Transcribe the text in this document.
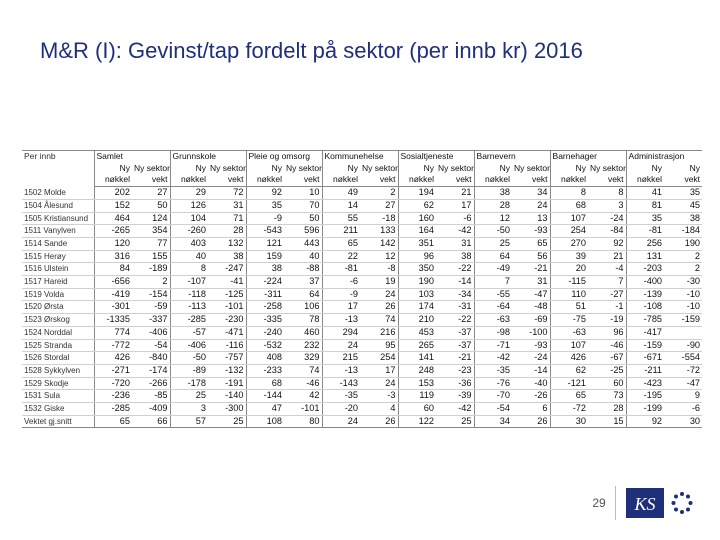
M&R (I): Gevinst/tap fordelt på sektor (per innb kr) 2016
Per innb	Samlet		Grunnskole		Pleie og omsorg		Kommunehelse		Sosialtjeneste		Barnevern		Barnehager		Administrasjon	
	Ny	Ny sektor	Ny	Ny sektor	Ny	Ny sektor	Ny	Ny sektor	Ny	Ny sektor	Ny	Ny sektor	Ny	Ny sektor	Ny	Ny
	nøkkel	vekt	nøkkel	vekt	nøkkel	vekt	nøkkel	vekt	nøkkel	vekt	nøkkel	vekt	nøkkel	vekt	nøkkel	vekt
1502 Molde	202	27	29	72	92	10	49	2	194	21	38	34	8	8	41	35
1504 Ålesund	152	50	126	31	35	70	14	27	62	17	28	24	68	3	81	45
1505 Kristiansund	464	124	104	71	-9	50	55	-18	160	-6	12	13	107	-24	35	38
1511 Vanylven	-265	354	-260	28	-543	596	211	133	164	-42	-50	-93	254	-84	-81	-184
1514 Sande	120	77	403	132	121	443	65	142	351	31	25	65	270	92	256	190
1515 Herøy	316	155	40	38	159	40	22	12	96	38	64	56	39	21	131	2
1516 Ulstein	84	-189	8	-247	38	-88	-81	-8	350	-22	-49	-21	20	-4	-203	2
1517 Hareid	-656	2	-107	-41	-224	37	-6	19	190	-14	7	31	-115	7	-400	-30
1519 Volda	-419	-154	-118	-125	-311	64	-9	24	103	-34	-55	-47	110	-27	-139	-10
1520 Ørsta	-301	-59	-113	-101	-258	106	17	26	174	-31	-64	-48	51	-1	-108	-10
1523 Ørskog	-1335	-337	-285	-230	-335	78	-13	74	210	-22	-63	-69	-75	-19	-785	-159
1524 Norddal	774	-406	-57	-471	-240	460	294	216	453	-37	-98	-100	-63	96	-417	
1525 Stranda	-772	-54	-406	-116	-532	232	24	95	265	-37	-71	-93	107	-46	-159	-90
1526 Stordal	426	-840	-50	-757	408	329	215	254	141	-21	-42	-24	426	-67	-671	-554
1528 Sykkylven	-271	-174	-89	-132	-233	74	-13	17	248	-23	-35	-14	62	-25	-211	-72
1529 Skodje	-720	-266	-178	-191	68	-46	-143	24	153	-36	-76	-40	-121	60	-423	-47
1531 Sula	-236	-85	25	-140	-144	42	-35	-3	119	-39	-70	-26	65	73	-195	9
1532 Giske	-285	-409	3	-300	47	-101	-20	4	60	-42	-54	6	-72	28	-199	-6
Vektet gj.snitt	65	66	57	25	108	80	24	26	122	25	34	26	30	15	92	30
29	KS
